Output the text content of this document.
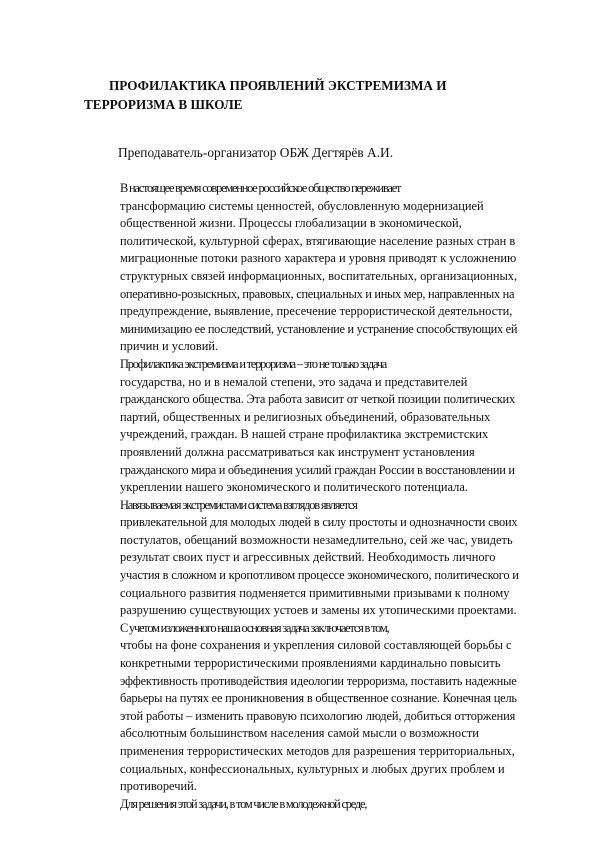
ПРОФИЛАКТИКА ПРОЯВЛЕНИЙ ЭКСТРЕМИЗМА И ТЕРРОРИЗМА В ШКОЛЕ

Преподаватель-организатор ОБЖ Дегтярёв А.И.

В настоящее время современное российское общество переживает
трансформацию системы ценностей, обусловленную модернизацией
общественной жизни. Процессы глобализации в экономической,
политической, культурной сферах, втягивающие население разных стран в
миграционные потоки разного характера и уровня приводят к усложнению
структурных связей информационных, воспитательных, организационных,
оперативно-розыскных, правовых, специальных и иных мер, направленных на
предупреждение, выявление, пресечение террористической деятельности,
минимизацию ее последствий, установление и устранение способствующих ей
причин и условий.

Профилактика экстремизма и терроризма – это не только задача
государства, но и в немалой степени, это задача и представителей
гражданского общества. Эта работа зависит от четкой позиции политических
партий, общественных и религиозных объединений, образовательных
учреждений, граждан. В нашей стране профилактика экстремистских
проявлений должна рассматриваться как инструмент установления
гражданского мира и объединения усилий граждан России в восстановлении и
укреплении нашего экономического и политического потенциала.

Навязываемая экстремистами система взглядов является
привлекательной для молодых людей в силу простоты и однозначности своих
постулатов, обещаний возможности незамедлительно, сей же час, увидеть
результат своих пуст и агрессивных действий. Необходимость личного
участия в сложном и кропотливом процессе экономического, политического и
социального развития подменяется примитивными призывами к полному
разрушению существующих устоев и замены их утопическими проектами.

С учетом изложенного наша основная задача заключается в том,
чтобы на фоне сохранения и укрепления силовой составляющей борьбы с
конкретными террористическими проявлениями кардинально повысить
эффективность противодействия идеологии терроризма, поставить надежные
барьеры на путях ее проникновения в общественное сознание. Конечная цель
этой работы – изменить правовую психологию людей, добиться отторжения
абсолютным большинством населения самой мысли о возможности
применения террористических методов для разрешения территориальных,
социальных, конфессиональных, культурных и любых других проблем и
противоречий.

Для решения этой задачи, в том числе в молодежной среде,
